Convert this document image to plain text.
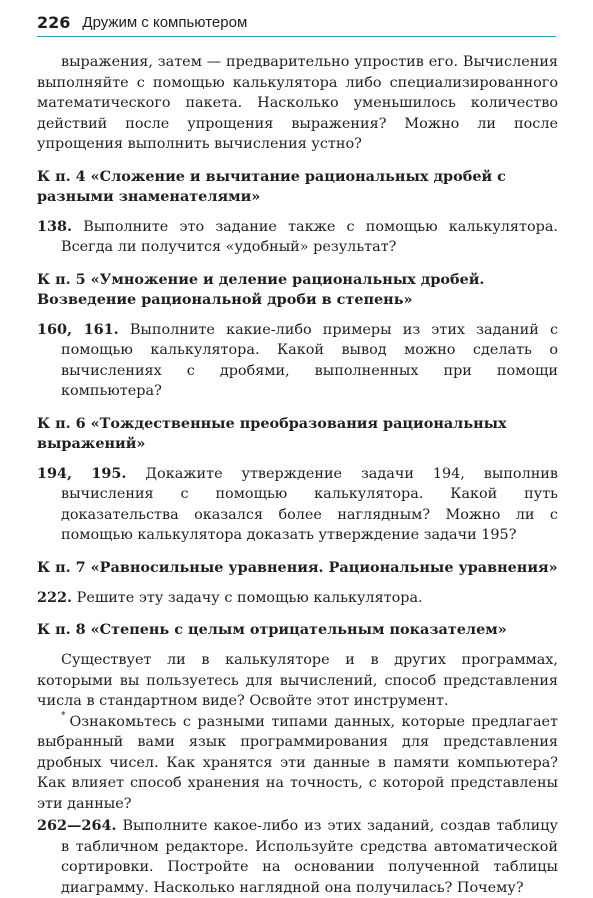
226 Дружим с компьютером

выражения, затем — предварительно упростив его. Вычисления выполняйте с помощью калькулятора либо специализированного математического пакета. Насколько уменьшилось количество действий после упрощения выражения? Можно ли после упрощения выполнить вычисления устно?

К п. 4 «Сложение и вычитание рациональных дробей с разными знаменателями»

138. Выполните это задание также с помощью калькулятора. Всегда ли получится «удобный» результат?

К п. 5 «Умножение и деление рациональных дробей. Возведение рациональной дроби в степень»

160, 161. Выполните какие-либо примеры из этих заданий с помощью калькулятора. Какой вывод можно сделать о вычислениях с дробями, выполненных при помощи компьютера?

К п. 6 «Тождественные преобразования рациональных выражений»

194, 195. Докажите утверждение задачи 194, выполнив вычисления с помощью калькулятора. Какой путь доказательства оказался более наглядным? Можно ли с помощью калькулятора доказать утверждение задачи 195?

К п. 7 «Равносильные уравнения. Рациональные уравнения»

222. Решите эту задачу с помощью калькулятора.

К п. 8 «Степень с целым отрицательным показателем»

Существует ли в калькуляторе и в других программах, которыми вы пользуетесь для вычислений, способ представления числа в стандартном виде? Освойте этот инструмент.

* Ознакомьтесь с разными типами данных, которые предлагает выбранный вами язык программирования для представления дробных чисел. Как хранятся эти данные в памяти компьютера? Как влияет способ хранения на точность, с которой представлены эти данные?

262—264. Выполните какое-либо из этих заданий, создав таблицу в табличном редакторе. Используйте средства автоматической сортировки. Постройте на основании полученной таблицы диаграмму. Насколько наглядной она получилась? Почему?
